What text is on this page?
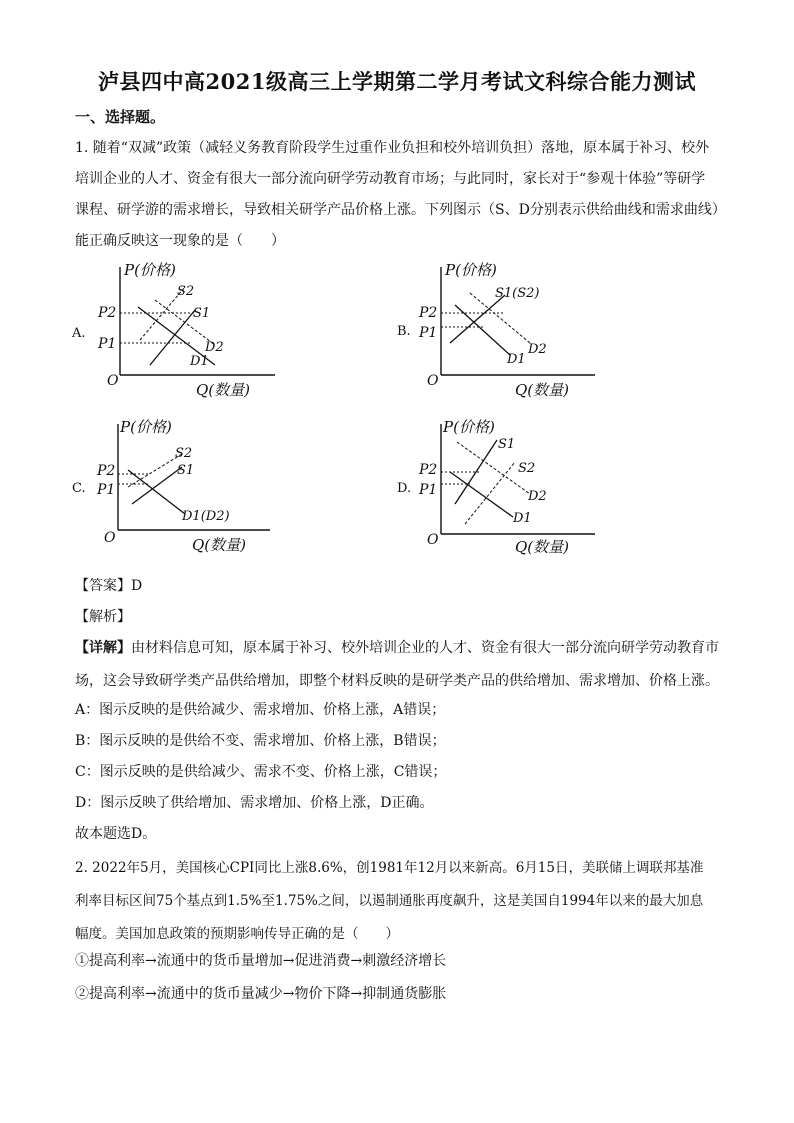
泸县四中高2021级高三上学期第二学月考试文科综合能力测试
一、选择题。
1. 随着“双减”政策（减轻义务教育阶段学生过重作业负担和校外培训负担）落地，原本属于补习、校外
培训企业的人才、资金有很大一部分流向研学劳动教育市场；与此同时，家长对于“参观十体验”等研学
课程、研学游的需求增长，导致相关研学产品价格上涨。下列图示（S、D分别表示供给曲线和需求曲线）
能正确反映这一现象的是（　　）
A.
P(价格)
Q(数量)
O
P2
P1
S2
S1
D2
D1
B.
P(价格)
Q(数量)
O
P2
P1
S1(S2)
D1
D2
C.
P(价格)
Q(数量)
O
P2
P1
S2
S1
D1(D2)
D.
P(价格)
Q(数量)
O
P2
P1
S1
S2
D2
D1
【答案】D
【解析】
【详解】由材料信息可知，原本属于补习、校外培训企业的人才、资金有很大一部分流向研学劳动教育市
场，这会导致研学类产品供给增加，即整个材料反映的是研学类产品的供给增加、需求增加、价格上涨。
A：图示反映的是供给减少、需求增加、价格上涨，A错误；
B：图示反映的是供给不变、需求增加、价格上涨，B错误；
C：图示反映的是供给减少、需求不变、价格上涨，C错误；
D：图示反映了供给增加、需求增加、价格上涨，D正确。
故本题选D。
2. 2022年5月，美国核心CPI同比上涨8.6%，创1981年12月以来新高。6月15日，美联储上调联邦基准
利率目标区间75个基点到1.5%至1.75%之间，以遏制通胀再度飙升，这是美国自1994年以来的最大加息
幅度。美国加息政策的预期影响传导正确的是（　　）
①提高利率→流通中的货币量增加→促进消费→刺激经济增长
②提高利率→流通中的货币量减少→物价下降→抑制通货膨胀
